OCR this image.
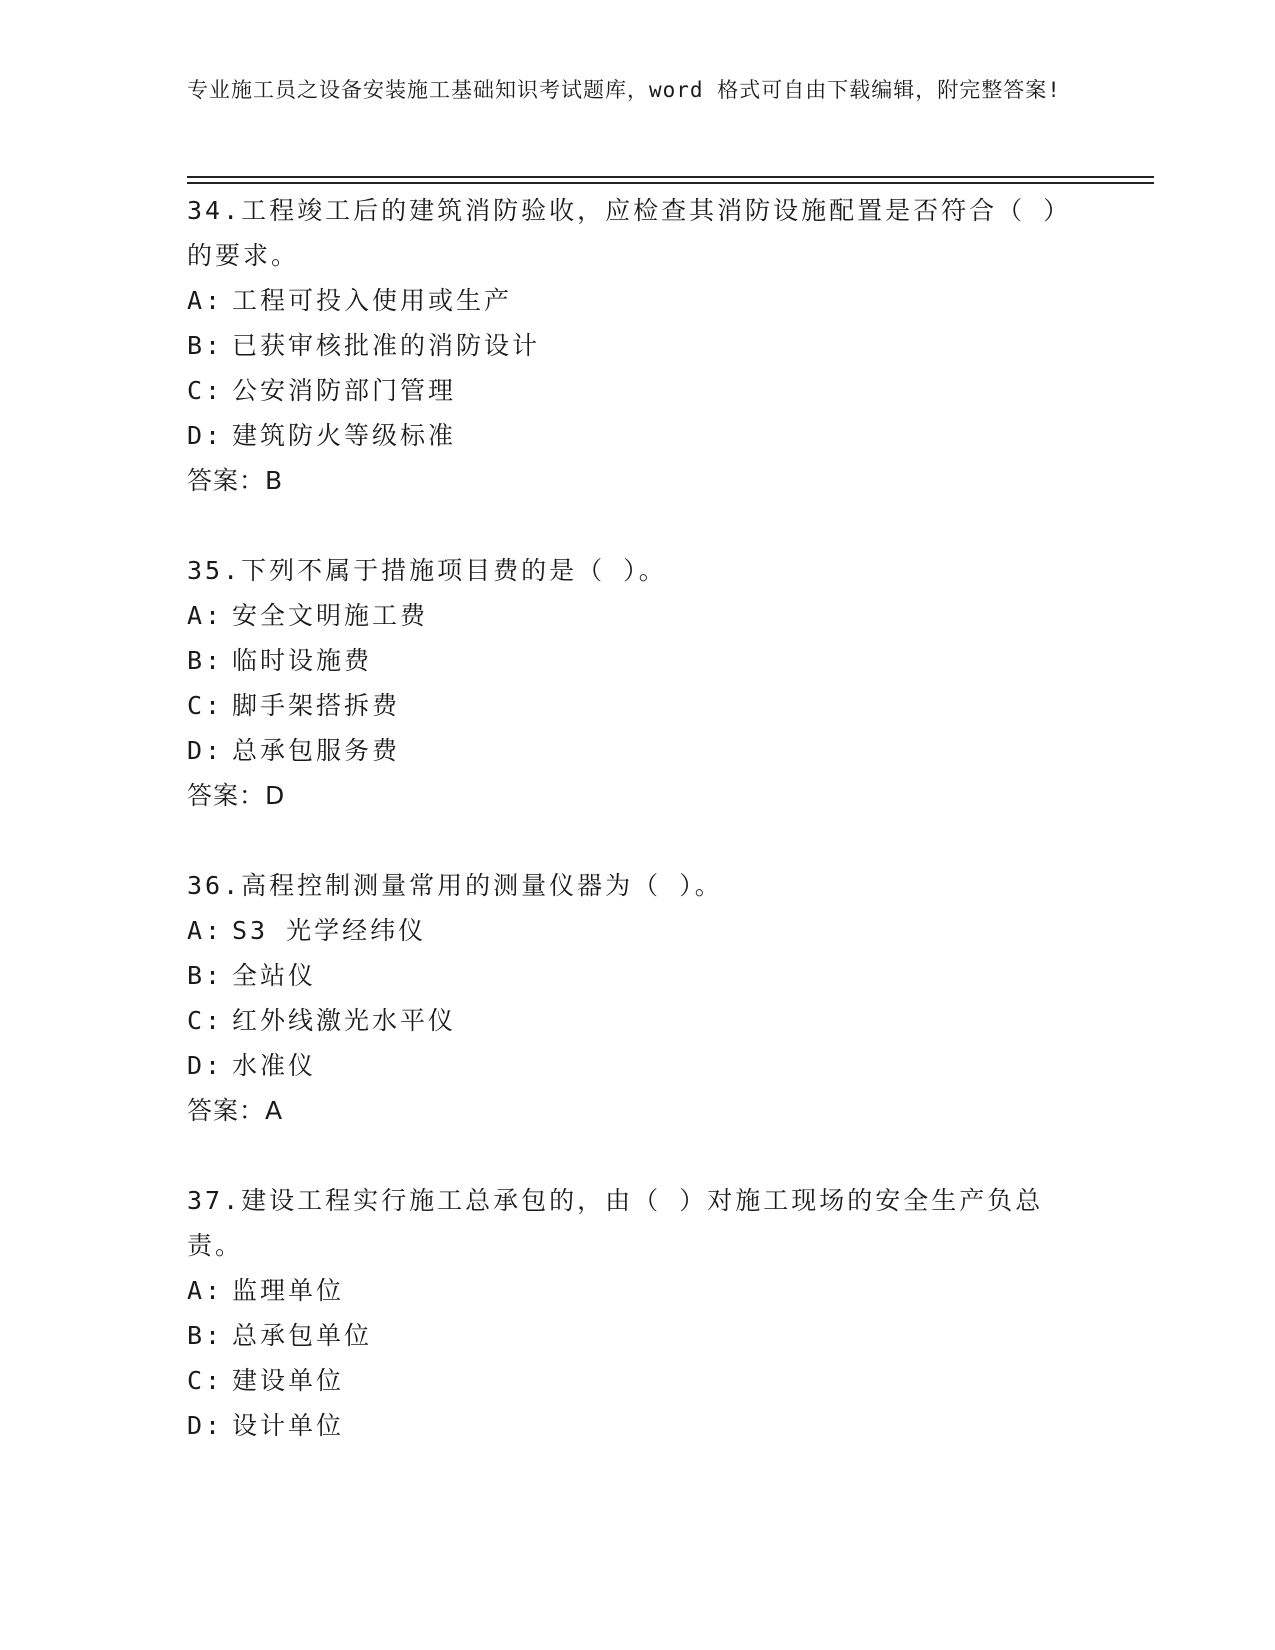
专业施工员之设备安装施工基础知识考试题库，word 格式可自由下载编辑，附完整答案!
34.工程竣工后的建筑消防验收，应检查其消防设施配置是否符合（ ）的要求。
A: 工程可投入使用或生产
B: 已获审核批准的消防设计
C: 公安消防部门管理
D: 建筑防火等级标准
答案：B
35.下列不属于措施项目费的是（ ）。
A: 安全文明施工费
B: 临时设施费
C: 脚手架搭拆费
D: 总承包服务费
答案：D
36.高程控制测量常用的测量仪器为（ ）。
A: S3 光学经纬仪
B: 全站仪
C: 红外线激光水平仪
D: 水准仪
答案：A
37.建设工程实行施工总承包的，由（ ）对施工现场的安全生产负总责。
A: 监理单位
B: 总承包单位
C: 建设单位
D: 设计单位
